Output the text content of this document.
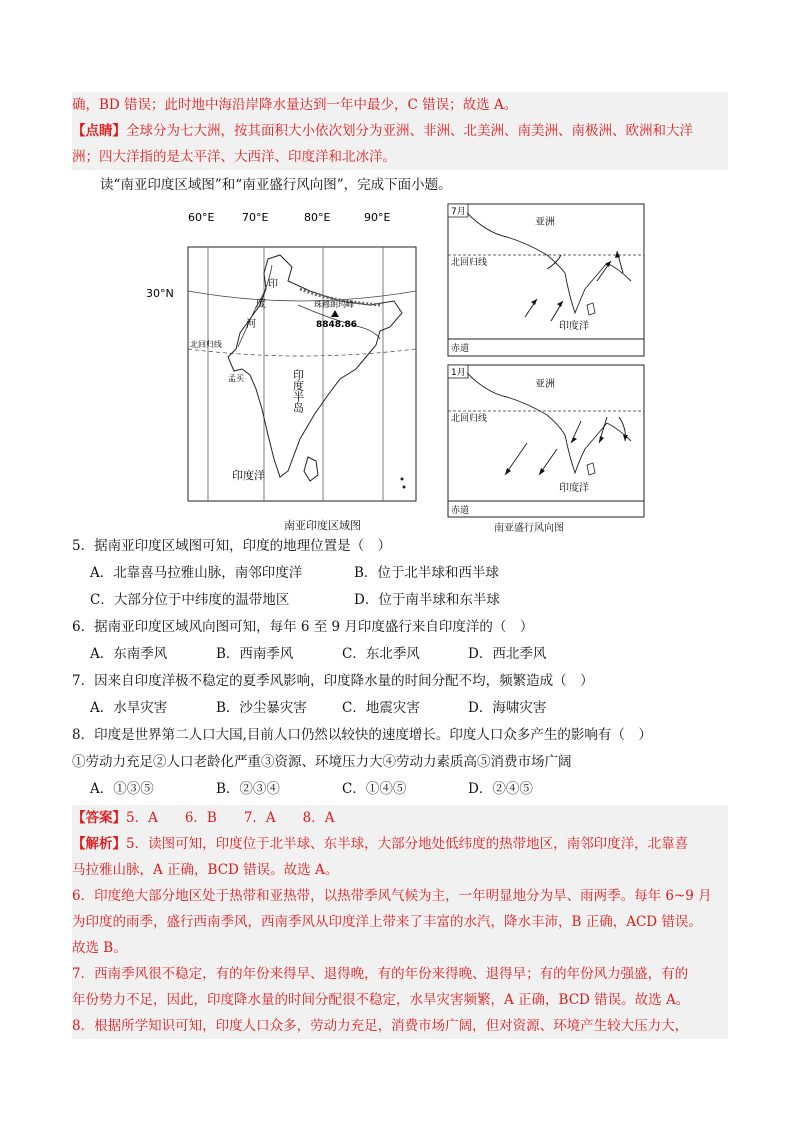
确，BD 错误；此时地中海沿岸降水量达到一年中最少，C 错误；故选 A。
【点睛】全球分为七大洲，按其面积大小依次划分为亚洲、非洲、北美洲、南美洲、南极洲、欧洲和大洋
洲；四大洋指的是太平洋、大西洋、印度洋和北冰洋。
读“南亚印度区域图”和“南亚盛行风向图”，完成下面小题。
60°E	70°E	80°E	90°E
30°N
印
度
河
印度半岛
北回归线
孟买
印度洋
珠穆朗玛峰
8848.86
南亚印度区域图
7月
亚洲
北回归线
印度洋
赤道
1月
亚洲
北回归线
印度洋
赤道
南亚盛行风向图
5．据南亚印度区域图可知，印度的地理位置是（　）
A．北靠喜马拉雅山脉，南邻印度洋	B．位于北半球和西半球
C．大部分位于中纬度的温带地区	D．位于南半球和东半球
6．据南亚印度区域风向图可知，每年 6 至 9 月印度盛行来自印度洋的（　）
A．东南季风	B．西南季风	C．东北季风	D．西北季风
7．因来自印度洋极不稳定的夏季风影响，印度降水量的时间分配不均，频繁造成（　）
A．水旱灾害	B．沙尘暴灾害	C．地震灾害	D．海啸灾害
8．印度是世界第二人口大国,目前人口仍然以较快的速度增长。印度人口众多产生的影响有（　）
①劳动力充足②人口老龄化严重③资源、环境压力大④劳动力素质高⑤消费市场广阔
A．①③⑤	B．②③④	C．①④⑤	D．②④⑤
【答案】5．A　　6．B　　7．A　　8．A
【解析】5．读图可知，印度位于北半球、东半球，大部分地处低纬度的热带地区，南邻印度洋，北靠喜
马拉雅山脉，A 正确，BCD 错误。故选 A。
6．印度绝大部分地区处于热带和亚热带，以热带季风气候为主，一年明显地分为旱、雨两季。每年 6~9 月
为印度的雨季，盛行西南季风，西南季风从印度洋上带来了丰富的水汽，降水丰沛，B 正确，ACD 错误。
故选 B。
7．西南季风很不稳定，有的年份来得早、退得晚，有的年份来得晚、退得早；有的年份风力强盛，有的
年份势力不足，因此，印度降水量的时间分配很不稳定，水旱灾害频繁，A 正确，BCD 错误。故选 A。
8．根据所学知识可知，印度人口众多，劳动力充足，消费市场广阔，但对资源、环境产生较大压力大，
